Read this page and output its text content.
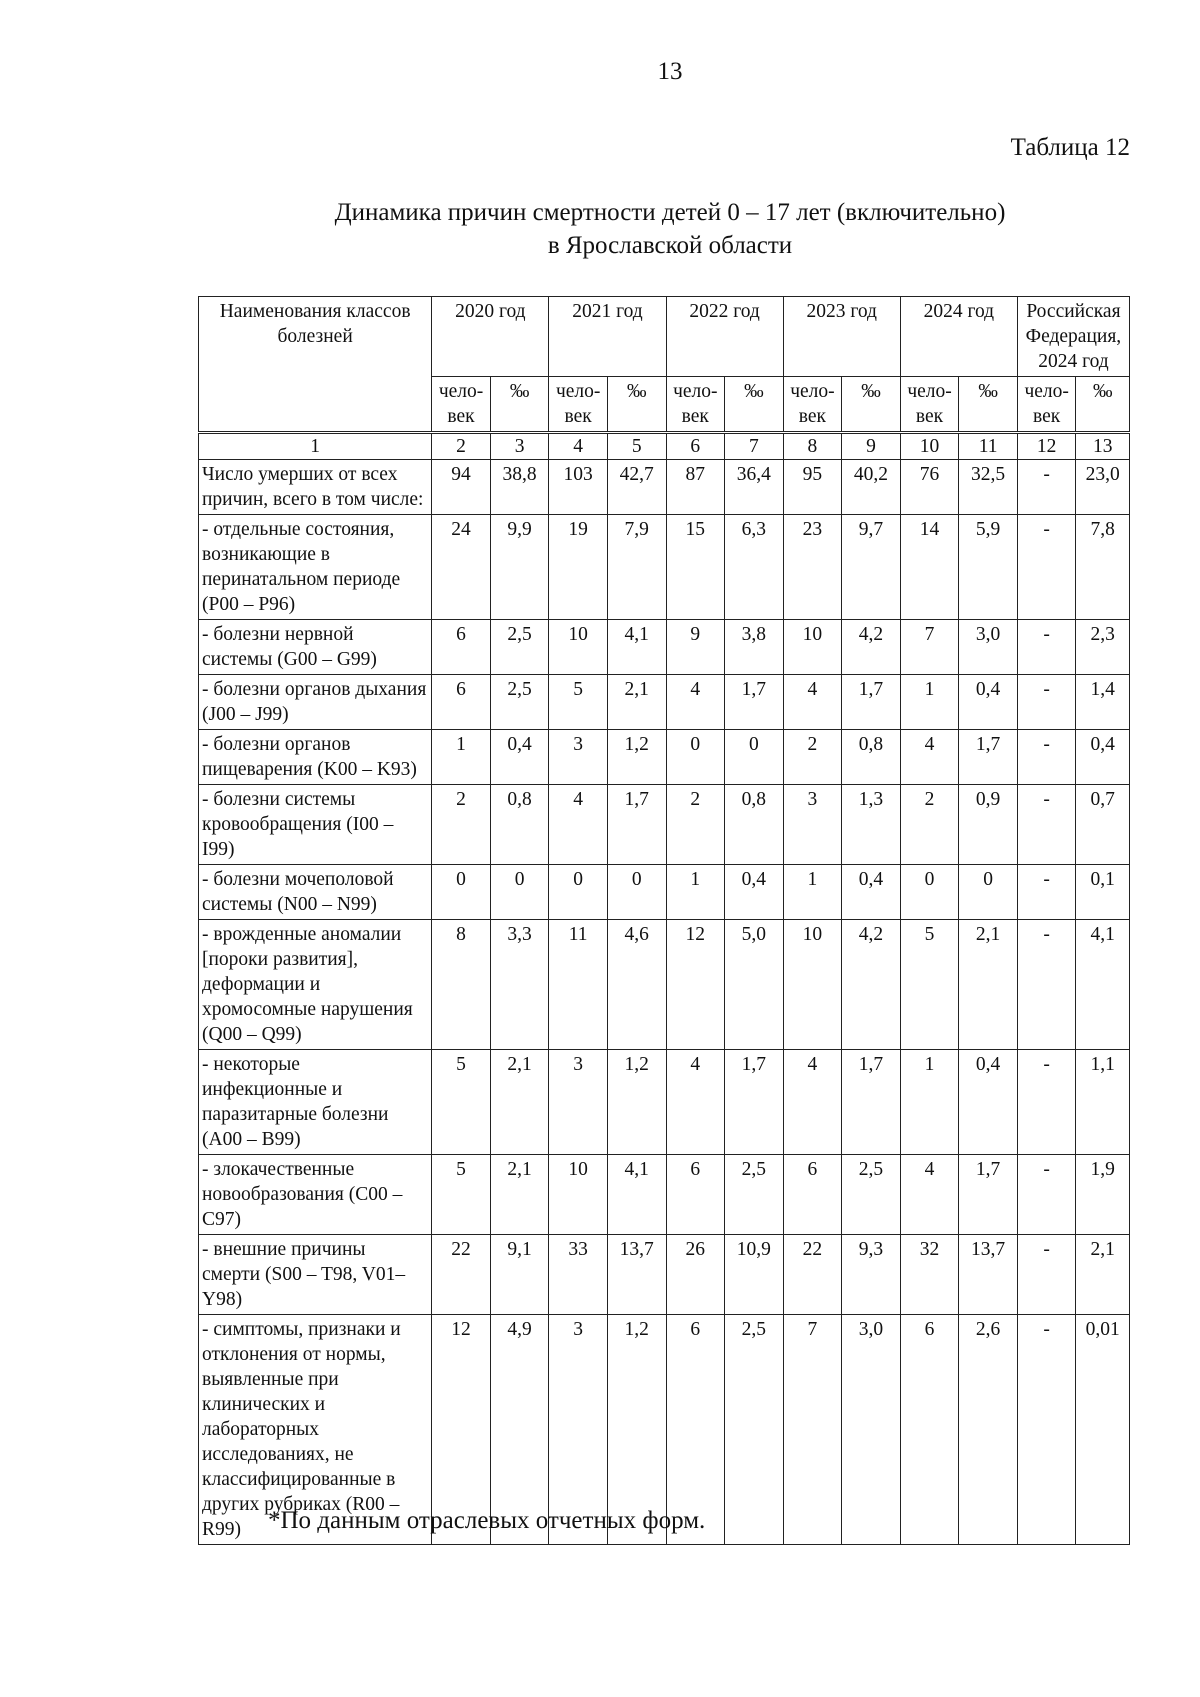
13
Таблица 12
Динамика причин смертности детей 0 – 17 лет (включительно)
в Ярославской области
Наименования классов болезней	2020 год		2021 год		2022 год		2023 год		2024 год		Российская Федерация, 2024 год	
	чело-век	‰	чело-век	‰	чело-век	‰	чело-век	‰	чело-век	‰	чело-век	‰
1	2	3	4	5	6	7	8	9	10	11	12	13
Число умерших от всех причин, всего в том числе:	94	38,8	103	42,7	87	36,4	95	40,2	76	32,5	-	23,0
- отдельные состояния, возникающие в перинатальном периоде (P00 – P96)	24	9,9	19	7,9	15	6,3	23	9,7	14	5,9	-	7,8
- болезни нервной системы (G00 – G99)	6	2,5	10	4,1	9	3,8	10	4,2	7	3,0	-	2,3
- болезни органов дыхания (J00 – J99)	6	2,5	5	2,1	4	1,7	4	1,7	1	0,4	-	1,4
- болезни органов пищеварения (K00 – K93)	1	0,4	3	1,2	0	0	2	0,8	4	1,7	-	0,4
- болезни системы кровообращения (I00 – I99)	2	0,8	4	1,7	2	0,8	3	1,3	2	0,9	-	0,7
- болезни мочеполовой системы (N00 – N99)	0	0	0	0	1	0,4	1	0,4	0	0	-	0,1
- врожденные аномалии [пороки развития], деформации и хромосомные нарушения (Q00 – Q99)	8	3,3	11	4,6	12	5,0	10	4,2	5	2,1	-	4,1
- некоторые инфекционные и паразитарные болезни (A00 – B99)	5	2,1	3	1,2	4	1,7	4	1,7	1	0,4	-	1,1
- злокачественные новообразования (C00 – C97)	5	2,1	10	4,1	6	2,5	6	2,5	4	1,7	-	1,9
- внешние причины смерти (S00 – T98, V01–Y98)	22	9,1	33	13,7	26	10,9	22	9,3	32	13,7	-	2,1
- симптомы, признаки и отклонения от нормы, выявленные при клинических и лабораторных исследованиях, не классифицированные в других рубриках (R00 – R99)	12	4,9	3	1,2	6	2,5	7	3,0	6	2,6	-	0,01
*По данным отраслевых отчетных форм.
